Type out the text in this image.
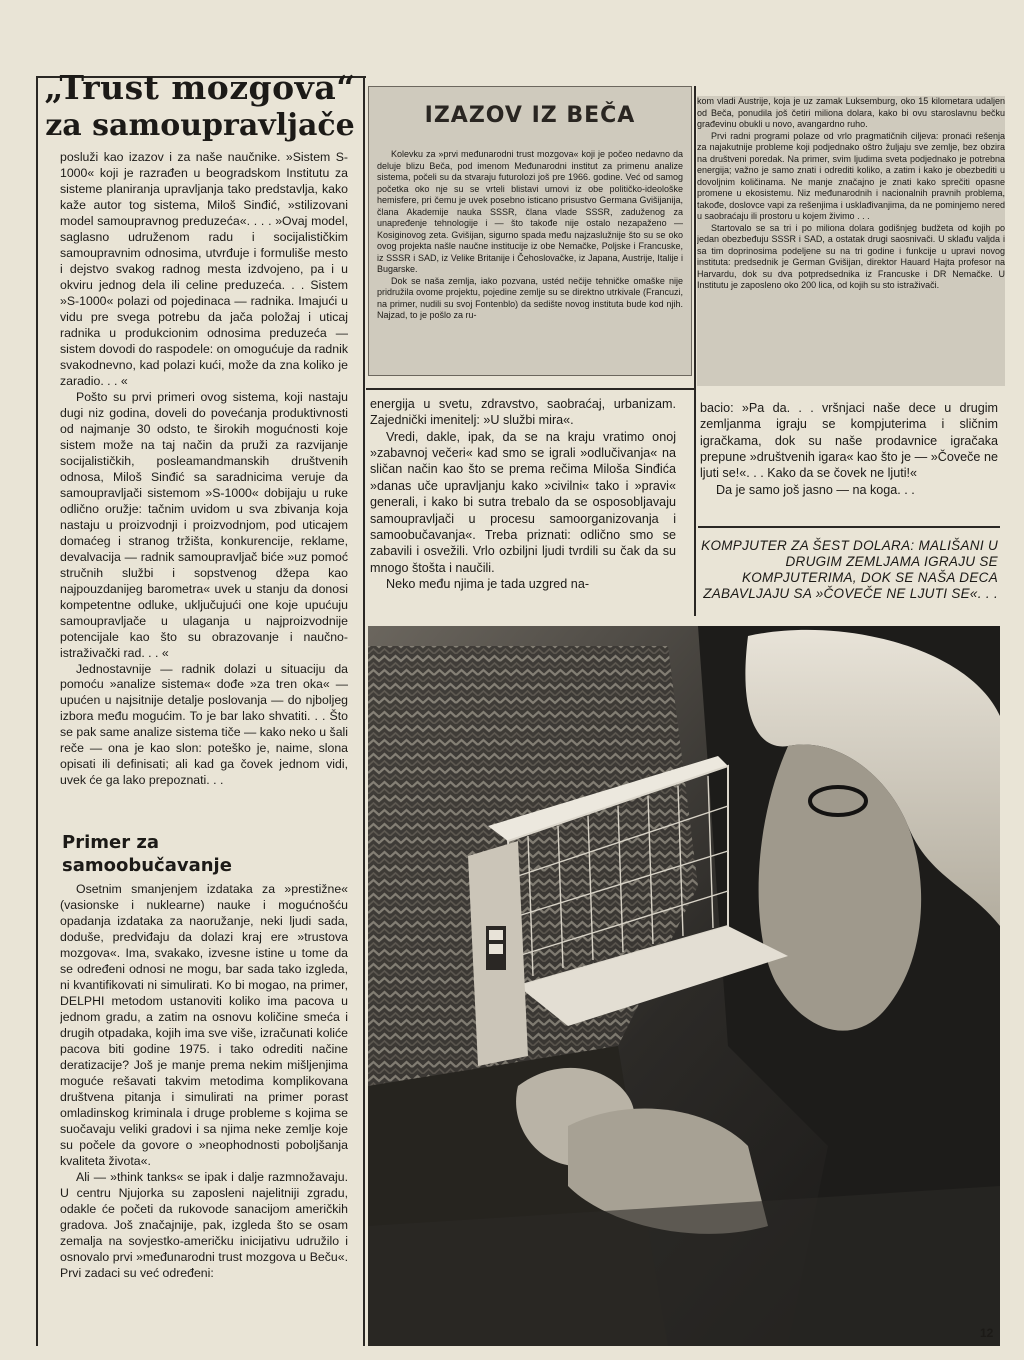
„Trust mozgova“
za samoupravljače

posluži kao izazov i za naše naučnike. »Sistem S-1000« koji je razrađen u beogradskom Institutu za sisteme planiranja upravljanja tako predstavlja, kako kaže autor tog sistema, Miloš Sinđić, »stilizovani model samoupravnog preduzeća«. . . . »Ovaj model, saglasno udruženom radu i socijalističkim samoupravnim odnosima, utvrđuje i formuliše mesto i dejstvo svakog radnog mesta izdvojeno, pa i u okviru jednog dela ili celine preduzeća. . . Sistem »S-1000« polazi od pojedinaca — radnika. Imajući u vidu pre svega potrebu da jača položaj i uticaj radnika u produkcionim odnosima preduzeća — sistem dovodi do raspodele: on omogućuje da radnik svakodnevno, kad polazi kući, može da zna koliko je zaradio. . . «

Pošto su prvi primeri ovog sistema, koji nastaju dugi niz godina, doveli do povećanja produktivnosti od najmanje 30 odsto, te širokih mogućnosti koje sistem može na taj način da pruži za razvijanje socijalističkih, posleamandmanskih društvenih odnosa, Miloš Sinđić sa saradnicima veruje da samoupravljači sistemom »S-1000« dobijaju u ruke odlično oružje: tačnim uvidom u sva zbivanja koja nastaju u proizvodnji i proizvodnjom, pod uticajem domaćeg i stranog tržišta, konkurencije, reklame, devalvacija — radnik samoupravljač biće »uz pomoć stručnih službi i sopstvenog džepa kao najpouzdanijeg barometra« uvek u stanju da donosi kompetentne odluke, uključujući one koje upućuju samoupravljače u ulaganja u najproizvodnije potencijale kao što su obrazovanje i naučno-istraživački rad. . . «

Jednostavnije — radnik dolazi u situaciju da pomoću »analize sistema« dođe »za tren oka« — upućen u najsitnije detalje poslovanja — do njboljeg izbora među mogućim. To je bar lako shvatiti. . . Što se pak same analize sistema tiče — kako neko u šali reče — ona je kao slon: poteško je, naime, slona opisati ili definisati; ali kad ga čovek jednom vidi, uvek će ga lako prepoznati. . .

Primer za
samoobučavanje

Osetnim smanjenjem izdataka za »prestižne« (vasionske i nuklearne) nauke i mogućnošću opadanja izdataka za naoružanje, neki ljudi sada, doduše, predviđaju da dolazi kraj ere »trustova mozgova«. Ima, svakako, izvesne istine u tome da se određeni odnosi ne mogu, bar sada tako izgleda, ni kvantifikovati ni simulirati. Ko bi mogao, na primer, DELPHI metodom ustanoviti koliko ima pacova u jednom gradu, a zatim na osnovu količine smeća i drugih otpadaka, kojih ima sve više, izračunati koliće pacova biti godine 1975. i tako odrediti načine deratizacije? Još je manje prema nekim mišljenjima moguće rešavati takvim metodima komplikovana društvena pitanja i simulirati na primer porast omladinskog kriminala i druge probleme s kojima se suočavaju veliki gradovi i sa njima neke zemlje koje su počele da govore o »neophodnosti poboljšanja kvaliteta života«.

Ali — »think tanks« se ipak i dalje razmnožavaju. U centru Njujorka su zaposleni najelitniji zgradu, odakle će početi da rukovode sanacijom američkih gradova. Još značajnije, pak, izgleda što se osam zemalja na sovjestko-američku inicijativu udružilo i osnovalo prvi »međunarodni trust mozgova u Beču«. Prvi zadaci su već određeni:

IZAZOV IZ BEČA

Kolevku za »prvi međunarodni trust mozgova« koji je počeo nedavno da deluje blizu Beča, pod imenom Međunarodni institut za primenu analize sistema, počeli su da stvaraju futurolozi još pre 1966. godine. Već od samog početka oko nje su se vrteli blistavi umovi iz obe političko-ideološke hemisfere, pri čemu je uvek posebno isticano prisustvo Germana Gvišijanija, člana Akademije nauka SSSR, člana vlade SSSR, zaduženog za unapređenje tehnologije i — što takođe nije ostalo nezapaženo — Kosiginovog zeta. Gvišijan, sigurno spada među najzaslužnije što su se oko ovog projekta našle naučne institucije iz obe Nemačke, Poljske i Francuske, iz SSSR i SAD, iz Velike Britanije i Čehoslovačke, iz Japana, Austrije, Italije i Bugarske.

Dok se naša zemlja, iako pozvana, ustéd nečije tehničke omaške nije pridružila ovome projektu, pojedine zemlje su se direktno utrkivale (Francuzi, na primer, nudili su svoj Fontenblo) da sedište novog instituta bude kod njih. Najzad, to je pošlo za ru-

kom vladi Austrije, koja je uz zamak Luksemburg, oko 15 kilometara udaljen od Beča, ponudila još četiri miliona dolara, kako bi ovu staroslavnu bečku građevinu obukli u novo, avangardno ruho.

Prvi radni programi polaze od vrlo pragmatičnih ciljeva: pronaći rešenja za najakutnije probleme koji podjednako oštro žuljaju sve zemlje, bez obzira na društveni poredak. Na primer, svim ljudima sveta podjednako je potrebna energija; važno je samo znati i odrediti koliko, a zatim i kako je obezbediti u dovoljnim količinama. Ne manje značajno je znati kako sprečiti opasne promene u ekosistemu. Niz međunarodnih i nacionalnih pravnih problema, takođe, doslovce vapi za rešenjima i usklađivanjima, da ne pominjemo nered u saobraćaju ili prostoru u kojem živimo . . .

Startovalo se sa tri i po miliona dolara godišnjeg budžeta od kojih po jedan obezbeđuju SSSR i SAD, a ostatak drugi saosnivači. U sklađu valjda i sa tim doprinosima podeljene su na tri godine i funkcije u upravi novog instituta: predsednik je German Gvišijan, direktor Hauard Hajta profesor na Harvardu, dok su dva potpredsednika iz Francuske i DR Nemačke. U Institutu je zaposleno oko 200 lica, od kojih su sto istraživači.

energija u svetu, zdravstvo, saobraćaj, urbanizam. Zajednički imenitelj: »U službi mira«.

Vredi, dakle, ipak, da se na kraju vratimo onoj »zabavnoj večeri« kad smo se igrali »odlučivanja« na sličan način kao što se prema rečima Miloša Sinđića »danas uče upravljanju kako »civilni« tako i »pravi« generali, i kako bi sutra trebalo da se osposobljavaju samoupravljači u procesu samoorganizovanja i samoobučavanja«. Treba priznati: odlično smo se zabavili i osvežili. Vrlo ozbiljni ljudi tvrdili su čak da su mnogo štošta i naučili.

Neko među njima je tada uzgred na-

bacio: »Pa da. . . vršnjaci naše dece u drugim zemljanma igraju se kompjuterima i sličnim igračkama, dok su naše prodavnice igračaka prepune »društvenih igara« kao što je — »Čoveče ne ljuti se!«. . . Kako da se čovek ne ljuti!«

Da je samo još jasno — na koga. . .

KOMPJUTER ZA ŠEST DOLARA: MALIŠANI U DRUGIM ZEMLJAMA IGRAJU SE KOMPJUTERIMA, DOK SE NAŠA DECA ZABAVLJAJU SA »ČOVEČE NE LJUTI SE«. . .
12
